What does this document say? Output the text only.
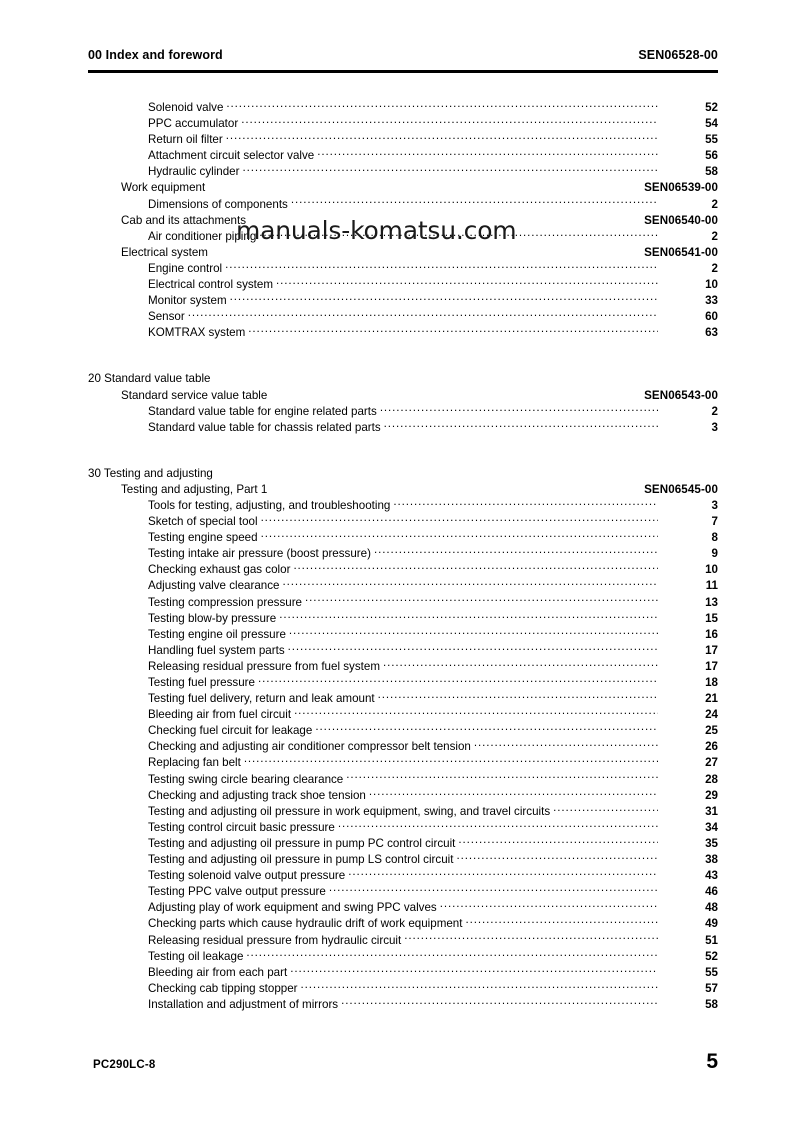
00 Index and foreword	SEN06528-00
Solenoid valve .....	52
PPC accumulator .....	54
Return oil filter .....	55
Attachment circuit selector valve .....	56
Hydraulic cylinder .....	58
Work equipment	SEN06539-00
Dimensions of components .....	2
Cab and its attachments	SEN06540-00
Air conditioner piping .....	2
Electrical system	SEN06541-00
Engine control .....	2
Electrical control system .....	10
Monitor system .....	33
Sensor .....	60
KOMTRAX system .....	63
20 Standard value table
Standard service value table	SEN06543-00
Standard value table for engine related parts .....	2
Standard value table for chassis related parts .....	3
30 Testing and adjusting
Testing and adjusting, Part 1	SEN06545-00
Tools for testing, adjusting, and troubleshooting .....	3
Sketch of special tool .....	7
Testing engine speed .....	8
Testing intake air pressure (boost pressure) .....	9
Checking exhaust gas color .....	10
Adjusting valve clearance .....	11
Testing compression pressure .....	13
Testing blow-by pressure .....	15
Testing engine oil pressure .....	16
Handling fuel system parts .....	17
Releasing residual pressure from fuel system .....	17
Testing fuel pressure .....	18
Testing fuel delivery, return and leak amount .....	21
Bleeding air from fuel circuit .....	24
Checking fuel circuit for leakage .....	25
Checking and adjusting air conditioner compressor belt tension .....	26
Replacing fan belt .....	27
Testing swing circle bearing clearance .....	28
Checking and adjusting track shoe tension .....	29
Testing and adjusting oil pressure in work equipment, swing, and travel circuits .....	31
Testing control circuit basic pressure .....	34
Testing and adjusting oil pressure in pump PC control circuit .....	35
Testing and adjusting oil pressure in pump LS control circuit .....	38
Testing solenoid valve output pressure .....	43
Testing PPC valve output pressure .....	46
Adjusting play of work equipment and swing PPC valves .....	48
Checking parts which cause hydraulic drift of work equipment .....	49
Releasing residual pressure from hydraulic circuit .....	51
Testing oil leakage .....	52
Bleeding air from each part .....	55
Checking cab tipping stopper .....	57
Installation and adjustment of mirrors .....	58
manuals-komatsu.com
PC290LC-8	5
